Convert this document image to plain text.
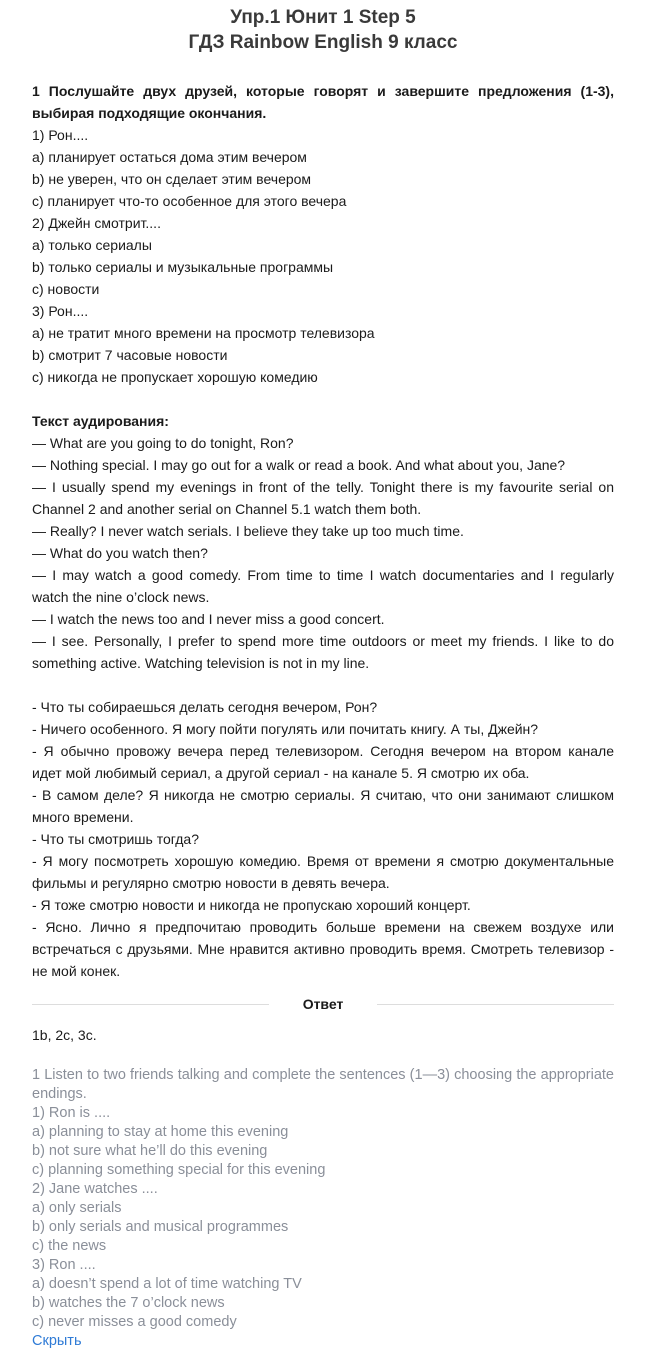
Упр.1 Юнит 1 Step 5
ГДЗ Rainbow English 9 класс
1 Послушайте двух друзей, которые говорят и завершите предложения (1-3), выбирая подходящие окончания.
1) Рон....
a) планирует остаться дома этим вечером
b) не уверен, что он сделает этим вечером
c) планирует что-то особенное для этого вечера
2) Джейн смотрит....
a) только сериалы
b) только сериалы и музыкальные программы
c) новости
3) Рон....
a) не тратит много времени на просмотр телевизора
b) смотрит 7 часовые новости
c) никогда не пропускает хорошую комедию
Текст аудирования:
— What are you going to do tonight, Ron?
— Nothing special. I may go out for a walk or read a book. And what about you, Jane?
— I usually spend my evenings in front of the telly. Tonight there is my favourite serial on Channel 2 and another serial on Channel 5.1 watch them both.
— Really? I never watch serials. I believe they take up too much time.
— What do you watch then?
— I may watch a good comedy. From time to time I watch documentaries and I regularly watch the nine o’clock news.
— I watch the news too and I never miss a good concert.
— I see. Personally, I prefer to spend more time outdoors or meet my friends. I like to do something active. Watching television is not in my line.
- Что ты собираешься делать сегодня вечером, Рон?
- Ничего особенного. Я могу пойти погулять или почитать книгу. А ты, Джейн?
- Я обычно провожу вечера перед телевизором. Сегодня вечером на втором канале идет мой любимый сериал, а другой сериал - на канале 5. Я смотрю их оба.
- В самом деле? Я никогда не смотрю сериалы. Я считаю, что они занимают слишком много времени.
- Что ты смотришь тогда?
- Я могу посмотреть хорошую комедию. Время от времени я смотрю документальные фильмы и регулярно смотрю новости в девять вечера.
- Я тоже смотрю новости и никогда не пропускаю хороший концерт.
- Ясно. Лично я предпочитаю проводить больше времени на свежем воздухе или встречаться с друзьями. Мне нравится активно проводить время. Смотреть телевизор - не мой конек.
Ответ
1b, 2c, 3c.
1 Listen to two friends talking and complete the sentences (1—3) choosing the appropriate endings.
1) Ron is ....
a) planning to stay at home this evening
b) not sure what he’ll do this evening
c) planning something special for this evening
2) Jane watches ....
a) only serials
b) only serials and musical programmes
c) the news
3) Ron ....
a) doesn’t spend a lot of time watching TV
b) watches the 7 o’clock news
c) never misses a good comedy
Скрыть
